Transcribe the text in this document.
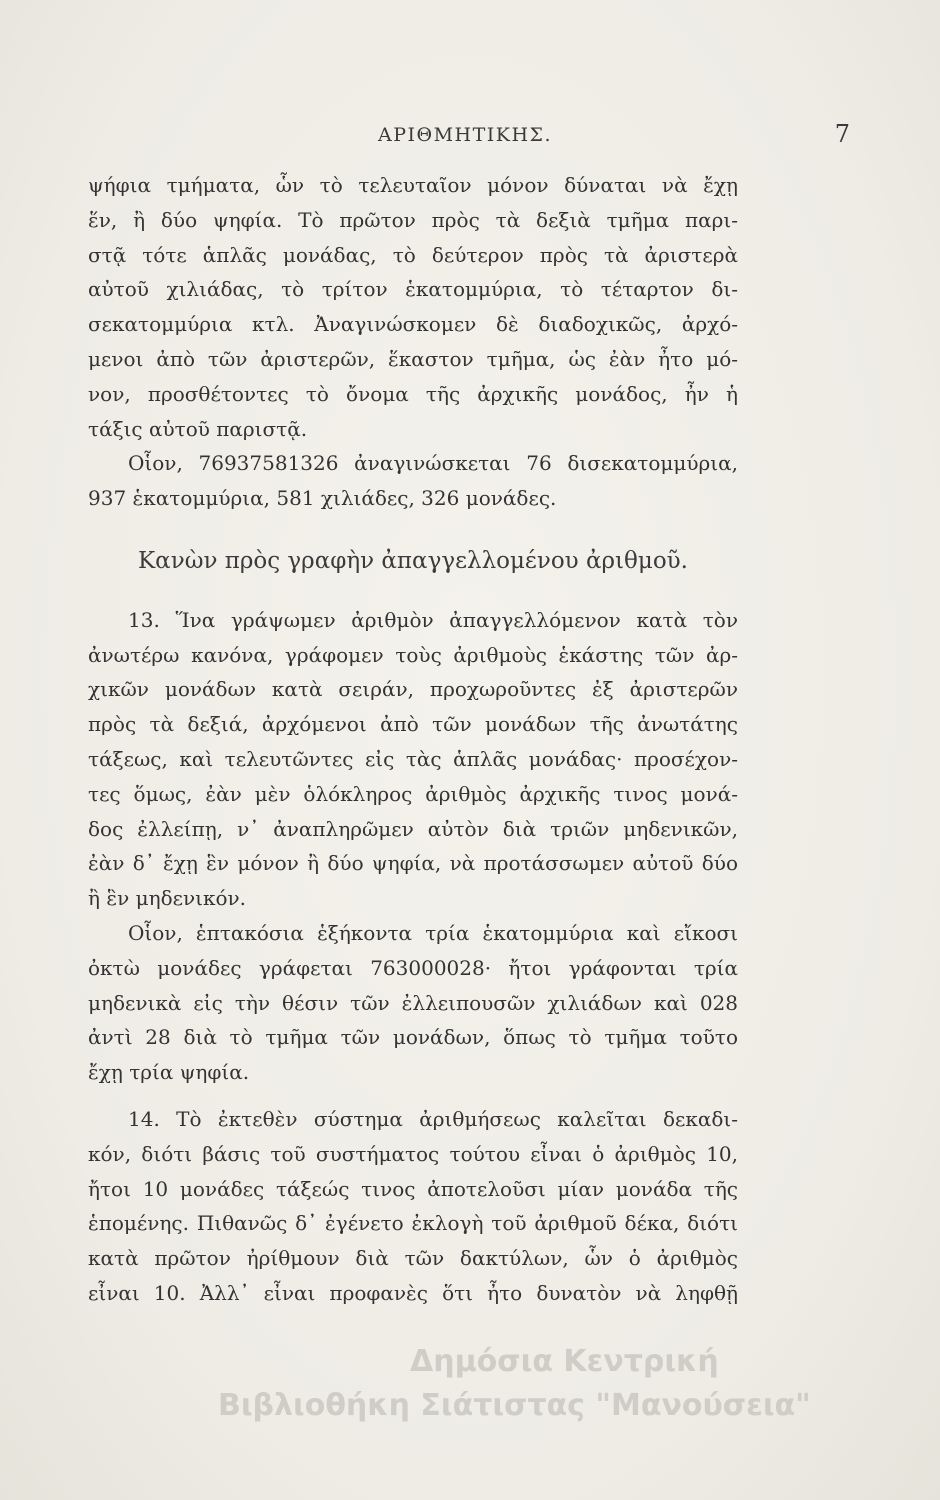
ΑΡΙΘΜΗΤΙΚΗΣ.	7
ψήφια τμήματα, ὧν τὸ τελευταῖον μόνον δύναται νὰ ἔχῃ
ἕν, ἢ δύο ψηφία. Τὸ πρῶτον πρὸς τὰ δεξιὰ τμῆμα παρι-
στᾷ τότε ἁπλᾶς μονάδας, τὸ δεύτερον πρὸς τὰ ἀριστερὰ
αὐτοῦ χιλιάδας, τὸ τρίτον ἑκατομμύρια, τὸ τέταρτον δι-
σεκατομμύρια κτλ. Ἀναγινώσκομεν δὲ διαδοχικῶς, ἀρχό-
μενοι ἀπὸ τῶν ἀριστερῶν, ἕκαστον τμῆμα, ὡς ἐὰν ἦτο μό-
νον, προσθέτοντες τὸ ὄνομα τῆς ἀρχικῆς μονάδος, ἦν ἡ
τάξις αὐτοῦ παριστᾷ.
Οἷον, 76937581326 ἀναγινώσκεται 76 δισεκατομμύρια,
937 ἑκατομμύρια, 581 χιλιάδες, 326 μονάδες.
Κανὼν πρὸς γραφὴν ἀπαγγελλομένου ἀριθμοῦ.
13. Ἵνα γράψωμεν ἀριθμὸν ἀπαγγελλόμενον κατὰ τὸν
ἀνωτέρω κανόνα, γράφομεν τοὺς ἀριθμοὺς ἑκάστης τῶν ἀρ-
χικῶν μονάδων κατὰ σειράν, προχωροῦντες ἐξ ἀριστερῶν
πρὸς τὰ δεξιά, ἀρχόμενοι ἀπὸ τῶν μονάδων τῆς ἀνωτάτης
τάξεως, καὶ τελευτῶντες εἰς τὰς ἁπλᾶς μονάδας· προσέχον-
τες ὅμως, ἐὰν μὲν ὁλόκληρος ἀριθμὸς ἀρχικῆς τινος μονά-
δος ἐλλείπῃ, ν᾽ ἀναπληρῶμεν αὐτὸν διὰ τριῶν μηδενικῶν,
ἐὰν δ᾽ ἔχῃ ἓν μόνον ἢ δύο ψηφία, νὰ προτάσσωμεν αὐτοῦ δύο
ἢ ἓν μηδενικόν.
Οἷον, ἑπτακόσια ἑξήκοντα τρία ἑκατομμύρια καὶ εἴκοσι
ὀκτὼ μονάδες γράφεται 763000028· ἤτοι γράφονται τρία
μηδενικὰ εἰς τὴν θέσιν τῶν ἐλλειπουσῶν χιλιάδων καὶ 028
ἀντὶ 28 διὰ τὸ τμῆμα τῶν μονάδων, ὅπως τὸ τμῆμα τοῦτο
ἔχῃ τρία ψηφία.
14. Τὸ ἐκτεθὲν σύστημα ἀριθμήσεως καλεῖται δεκαδι-
κόν, διότι βάσις τοῦ συστήματος τούτου εἶναι ὁ ἀριθμὸς 10,
ἤτοι 10 μονάδες τάξεώς τινος ἀποτελοῦσι μίαν μονάδα τῆς
ἑπομένης. Πιθανῶς δ᾽ ἐγένετο ἐκλογὴ τοῦ ἀριθμοῦ δέκα, διότι
κατὰ πρῶτον ἠρίθμουν διὰ τῶν δακτύλων, ὧν ὁ ἀριθμὸς
εἶναι 10. Ἀλλ᾽ εἶναι προφανὲς ὅτι ἦτο δυνατὸν νὰ ληφθῇ
Δημόσια Κεντρική
Βιβλιοθήκη Σιάτιστας "Μανούσεια"
